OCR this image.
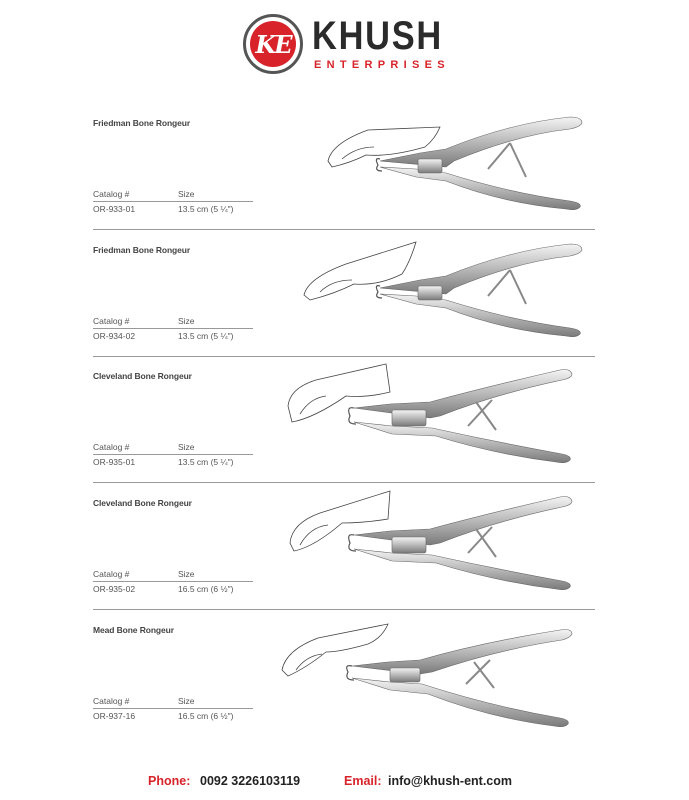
KE KHUSH
ENTERPRISES
Friedman Bone Rongeur
Catalog #	Size
OR-933-01	13.5 cm (5 ¼")
Friedman Bone Rongeur
Catalog #	Size
OR-934-02	13.5 cm (5 ¼")
Cleveland Bone Rongeur
Catalog #	Size
OR-935-01	13.5 cm (5 ¼")
Cleveland Bone Rongeur
Catalog #	Size
OR-935-02	16.5 cm (6 ½")
Mead Bone Rongeur
Catalog #	Size
OR-937-16	16.5 cm (6 ½")
Phone: 0092 3226103119	Email: info@khush-ent.com
